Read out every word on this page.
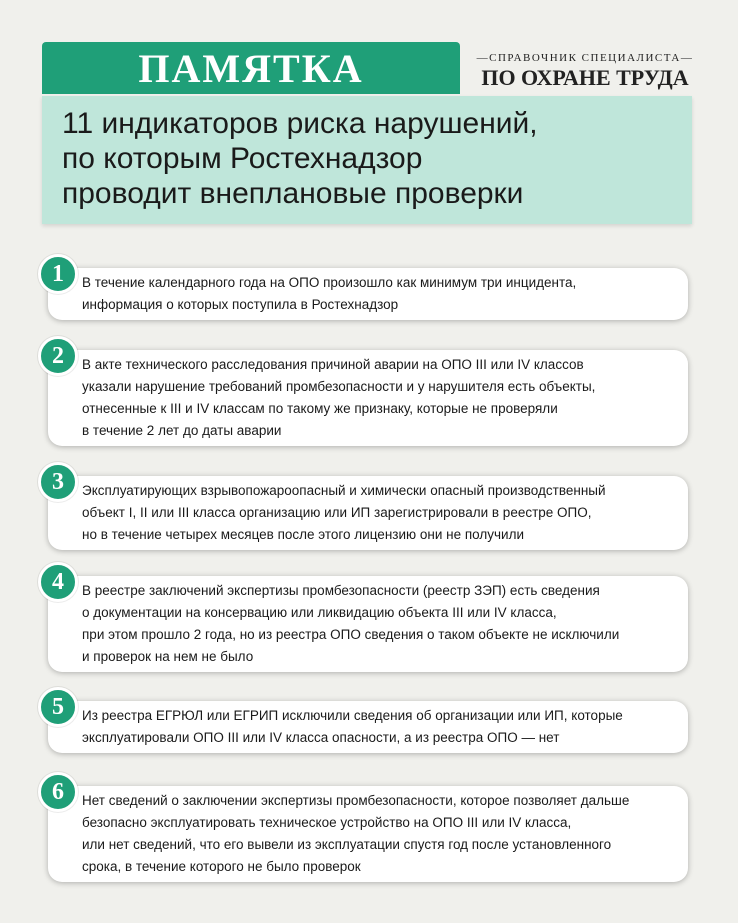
ПАМЯТКА	—СПРАВОЧНИК СПЕЦИАЛИСТА—
ПО ОХРАНЕ ТРУДА
11 индикаторов риска нарушений,
по которым Ростехнадзор
проводит внеплановые проверки
1	В течение календарного года на ОПО произошло как минимум три инцидента,
информация о которых поступила в Ростехнадзор
2	В акте технического расследования причиной аварии на ОПО III или IV классов
указали нарушение требований промбезопасности и у нарушителя есть объекты,
отнесенные к III и IV классам по такому же признаку, которые не проверяли
в течение 2 лет до даты аварии
3	Эксплуатирующих взрывопожароопасный и химически опасный производственный
объект I, II или III класса организацию или ИП зарегистрировали в реестре ОПО,
но в течение четырех месяцев после этого лицензию они не получили
4	В реестре заключений экспертизы промбезопасности (реестр ЗЭП) есть сведения
о документации на консервацию или ликвидацию объекта III или IV класса,
при этом прошло 2 года, но из реестра ОПО сведения о таком объекте не исключили
и проверок на нем не было
5	Из реестра ЕГРЮЛ или ЕГРИП исключили сведения об организации или ИП, которые
эксплуатировали ОПО III или IV класса опасности, а из реестра ОПО — нет
6	Нет сведений о заключении экспертизы промбезопасности, которое позволяет дальше
безопасно эксплуатировать техническое устройство на ОПО III или IV класса,
или нет сведений, что его вывели из эксплуатации спустя год после установленного
срока, в течение которого не было проверок
